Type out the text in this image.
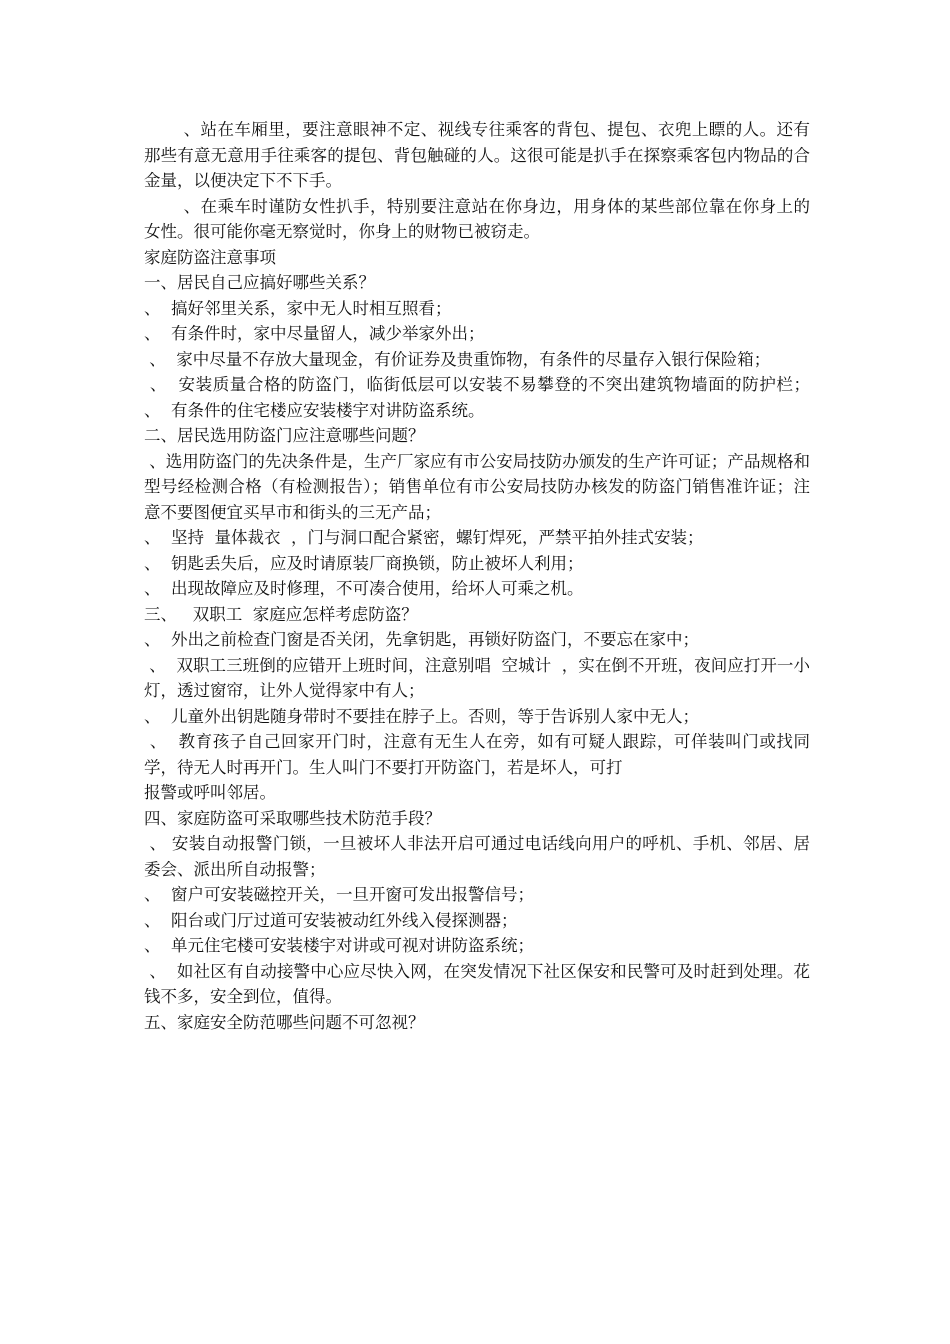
、站在车厢里，要注意眼神不定、视线专往乘客的背包、提包、衣兜上瞟的人。还有那些有意无意用手往乘客的提包、背包触碰的人。这很可能是扒手在探察乘客包内物品的合金量，以便决定下不下手。

、在乘车时谨防女性扒手，特别要注意站在你身边，用身体的某些部位靠在你身上的女性。很可能你毫无察觉时，你身上的财物已被窃走。

家庭防盗注意事项

一、居民自己应搞好哪些关系？

、  搞好邻里关系，家中无人时相互照看；

、  有条件时，家中尽量留人，减少举家外出；

、  家中尽量不存放大量现金，有价证券及贵重饰物，有条件的尽量存入银行保险箱；

、  安装质量合格的防盗门，临街低层可以安装不易攀登的不突出建筑物墙面的防护栏；           、  有条件的住宅楼应安装楼宇对讲防盗系统。

二、居民选用防盗门应注意哪些问题？

、选用防盗门的先决条件是，生产厂家应有市公安局技防办颁发的生产许可证；产品规格和型号经检测合格（有检测报告）；销售单位有市公安局技防办核发的防盗门销售准许证；注意不要图便宜买早市和街头的三无产品；

、  坚持  量体裁衣  ，门与洞口配合紧密，螺钉焊死，严禁平拍外挂式安装；

、  钥匙丢失后，应及时请原装厂商换锁，防止被坏人利用；

、  出现故障应及时修理，不可凑合使用，给坏人可乘之机。

三、   双职工  家庭应怎样考虑防盗？

、  外出之前检查门窗是否关闭，先拿钥匙，再锁好防盗门，不要忘在家中；

、  双职工三班倒的应错开上班时间，注意别唱  空城计  ，实在倒不开班，夜间应打开一小灯，透过窗帘，让外人觉得家中有人；

、  儿童外出钥匙随身带时不要挂在脖子上。否则，等于告诉别人家中无人；

、  教育孩子自己回家开门时，注意有无生人在旁，如有可疑人跟踪，可佯装叫门或找同学，待无人时再开门。生人叫门不要打开防盗门，若是坏人，可打

报警或呼叫邻居。

四、家庭防盗可采取哪些技术防范手段？

、 安装自动报警门锁，一旦被坏人非法开启可通过电话线向用户的呼机、手机、邻居、居委会、派出所自动报警；

、  窗户可安装磁控开关，一旦开窗可发出报警信号；

、  阳台或门厅过道可安装被动红外线入侵探测器；

、  单元住宅楼可安装楼宇对讲或可视对讲防盗系统；

、  如社区有自动接警中心应尽快入网，在突发情况下社区保安和民警可及时赶到处理。花钱不多，安全到位，值得。

五、家庭安全防范哪些问题不可忽视？
